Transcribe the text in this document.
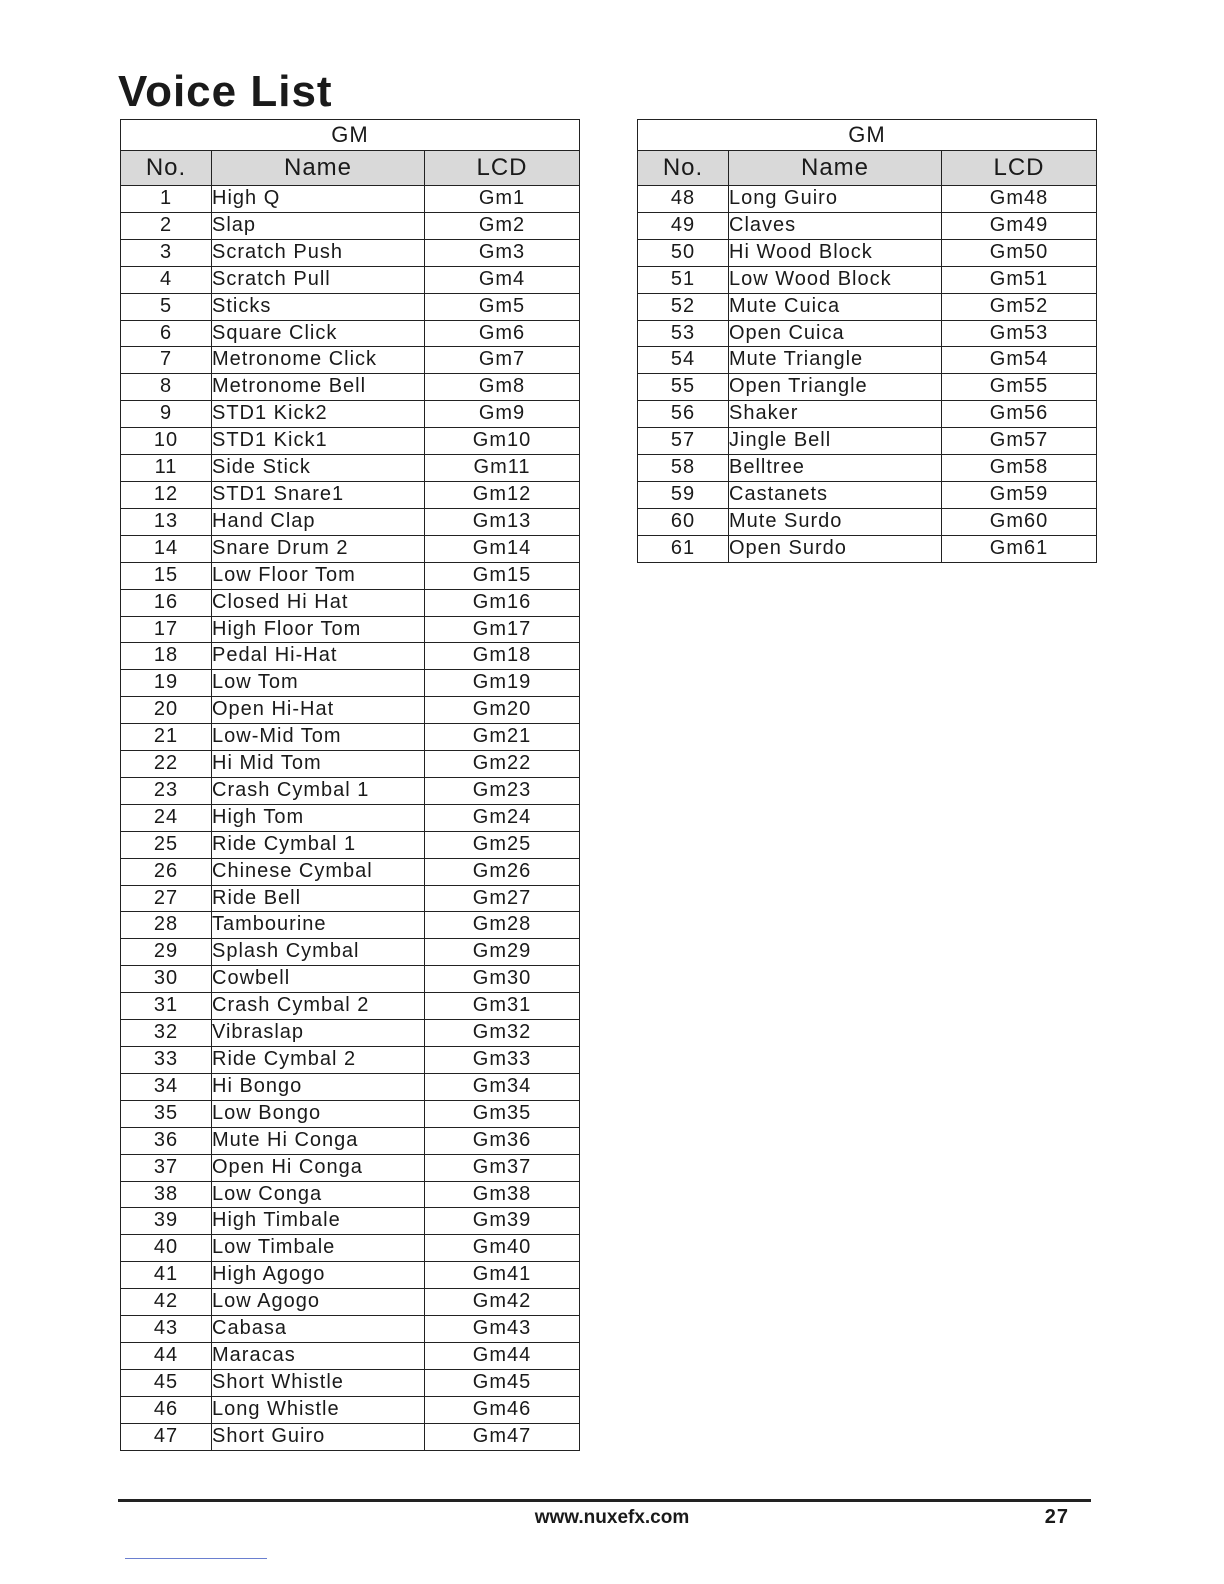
Voice List
GM		
No.	Name	LCD
1	High Q	Gm1
2	Slap	Gm2
3	Scratch Push	Gm3
4	Scratch Pull	Gm4
5	Sticks	Gm5
6	Square Click	Gm6
7	Metronome Click	Gm7
8	Metronome Bell	Gm8
9	STD1 Kick2	Gm9
10	STD1 Kick1	Gm10
11	Side Stick	Gm11
12	STD1 Snare1	Gm12
13	Hand Clap	Gm13
14	Snare Drum 2	Gm14
15	Low Floor Tom	Gm15
16	Closed Hi Hat	Gm16
17	High Floor Tom	Gm17
18	Pedal Hi-Hat	Gm18
19	Low Tom	Gm19
20	Open Hi-Hat	Gm20
21	Low-Mid Tom	Gm21
22	Hi Mid Tom	Gm22
23	Crash Cymbal 1	Gm23
24	High Tom	Gm24
25	Ride Cymbal 1	Gm25
26	Chinese Cymbal	Gm26
27	Ride Bell	Gm27
28	Tambourine	Gm28
29	Splash Cymbal	Gm29
30	Cowbell	Gm30
31	Crash Cymbal 2	Gm31
32	Vibraslap	Gm32
33	Ride Cymbal 2	Gm33
34	Hi Bongo	Gm34
35	Low Bongo	Gm35
36	Mute Hi Conga	Gm36
37	Open Hi Conga	Gm37
38	Low Conga	Gm38
39	High Timbale	Gm39
40	Low Timbale	Gm40
41	High Agogo	Gm41
42	Low Agogo	Gm42
43	Cabasa	Gm43
44	Maracas	Gm44
45	Short Whistle	Gm45
46	Long Whistle	Gm46
47	Short Guiro	Gm47
GM		
No.	Name	LCD
48	Long Guiro	Gm48
49	Claves	Gm49
50	Hi Wood Block	Gm50
51	Low Wood Block	Gm51
52	Mute Cuica	Gm52
53	Open Cuica	Gm53
54	Mute Triangle	Gm54
55	Open Triangle	Gm55
56	Shaker	Gm56
57	Jingle Bell	Gm57
58	Belltree	Gm58
59	Castanets	Gm59
60	Mute Surdo	Gm60
61	Open Surdo	Gm61
www.nuxefx.com	27
